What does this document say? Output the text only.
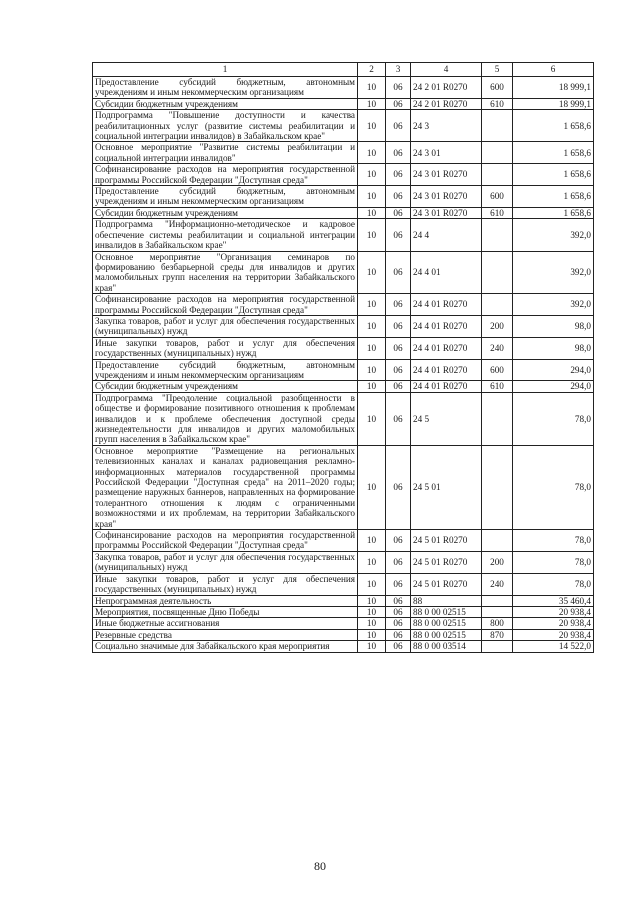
1	2	3	4	5	6
Предоставление субсидий бюджетным, автономным учреждениям и иным некоммерческим организациям	10	06	24 2 01 R0270	600	18 999,1
Субсидии бюджетным учреждениям	10	06	24 2 01 R0270	610	18 999,1
Подпрограмма "Повышение доступности и качества реабилитационных услуг (развитие системы реабилитации и социальной интеграции инвалидов) в Забайкальском крае"	10	06	24 3		1 658,6
Основное мероприятие "Развитие системы реабилитации и социальной интеграции инвалидов"	10	06	24 3 01		1 658,6
Софинансирование расходов на мероприятия государственной программы Российской Федерации "Доступная среда"	10	06	24 3 01 R0270		1 658,6
Предоставление субсидий бюджетным, автономным учреждениям и иным некоммерческим организациям	10	06	24 3 01 R0270	600	1 658,6
Субсидии бюджетным учреждениям	10	06	24 3 01 R0270	610	1 658,6
Подпрограмма "Информационно-методическое и кадровое обеспечение системы реабилитации и социальной интеграции инвалидов в Забайкальском крае"	10	06	24 4		392,0
Основное мероприятие "Организация семинаров по формированию безбарьерной среды для инвалидов и других маломобильных групп населения на территории Забайкальского края"	10	06	24 4 01		392,0
Софинансирование расходов на мероприятия государственной программы Российской Федерации "Доступная среда"	10	06	24 4 01 R0270		392,0
Закупка товаров, работ и услуг для обеспечения государственных (муниципальных) нужд	10	06	24 4 01 R0270	200	98,0
Иные закупки товаров, работ и услуг для обеспечения государственных (муниципальных) нужд	10	06	24 4 01 R0270	240	98,0
Предоставление субсидий бюджетным, автономным учреждениям и иным некоммерческим организациям	10	06	24 4 01 R0270	600	294,0
Субсидии бюджетным учреждениям	10	06	24 4 01 R0270	610	294,0
Подпрограмма "Преодоление социальной разобщенности в обществе и формирование позитивного отношения к проблемам инвалидов и к проблеме обеспечения доступной среды жизнедеятельности для инвалидов и других маломобильных групп населения в Забайкальском крае"	10	06	24 5		78,0
Основное мероприятие "Размещение на региональных телевизионных каналах и каналах радиовещания рекламно-информационных материалов государственной программы Российской Федерации "Доступная среда" на 2011–2020 годы; размещение наружных баннеров, направленных на формирование толерантного отношения к людям с ограниченными возможностями и их проблемам, на территории Забайкальского края"	10	06	24 5 01		78,0
Софинансирование расходов на мероприятия государственной программы Российской Федерации "Доступная среда"	10	06	24 5 01 R0270		78,0
Закупка товаров, работ и услуг для обеспечения государственных (муниципальных) нужд	10	06	24 5 01 R0270	200	78,0
Иные закупки товаров, работ и услуг для обеспечения государственных (муниципальных) нужд	10	06	24 5 01 R0270	240	78,0
Непрограммная деятельность	10	06	88		35 460,4
Мероприятия, посвященные Дню Победы	10	06	88 0 00 02515		20 938,4
Иные бюджетные ассигнования	10	06	88 0 00 02515	800	20 938,4
Резервные средства	10	06	88 0 00 02515	870	20 938,4
Социально значимые для Забайкальского края мероприятия	10	06	88 0 00 03514		14 522,0
80
